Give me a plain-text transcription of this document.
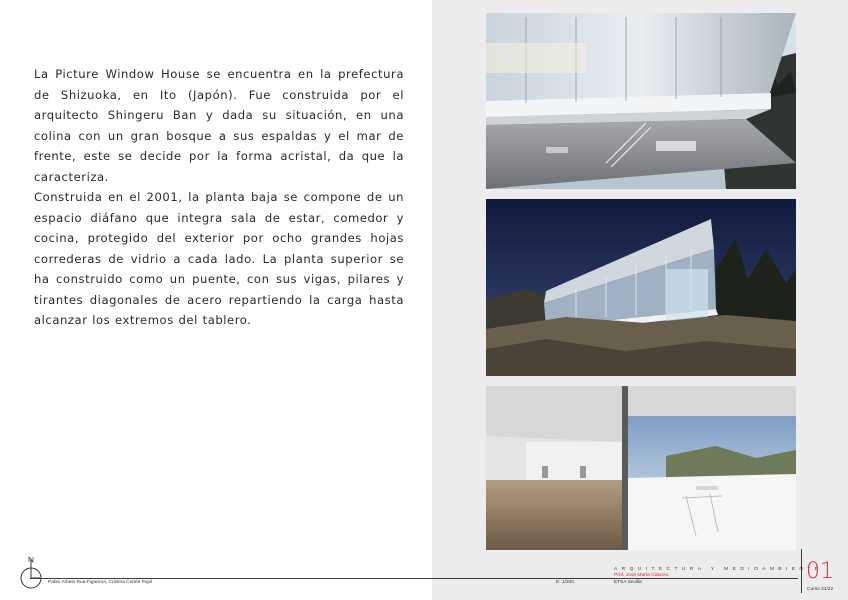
La Picture Window House se encuentra en la prefectura de Shizuoka, en Ito (Japón). Fue construida por el arquitecto Shingeru Ban y dada su situación, en una colina con un gran bosque a sus espaldas y el mar de frente, este se decide por la forma acristal, da que la caracteriza.

Construida en el 2001, la planta baja se compone de un espacio diáfano que integra sala de estar, comedor y cocina, protegido del exterior por ocho grandes hojas correderas de vidrio a cada lado. La planta superior se ha construido como un puente, con sus vigas, pilares y tirantes diagonales de acero repartiendo la carga hasta alcanzar los extremos del tablero.

Pablo Arbelo Rua-Figueroa, Cristina Cortés Pujol	E: 1/200
ARQUITECTURA Y MEDIOAMBIENTE
Prof. José María Cabeza
ETSA Sevilla	01
Curso 21/22
